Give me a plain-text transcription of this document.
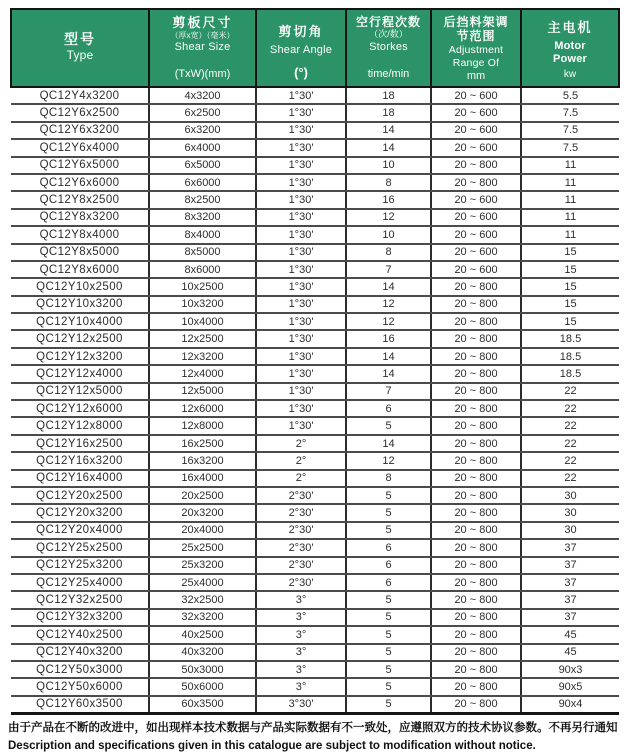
型号
Type

剪板尺寸
（厚x宽）（毫米）
Shear Size
(TxW)(mm)

剪切角
Shear Angle
(°)

空行程次数
（次/数）
Storkes
time/min

后挡料架调
节范围
Adjustment
Range Of
mm

主电机
Motor
Power
kw

QC12Y4x3200	4x3200	1°30'	18	20 ~ 600	5.5
QC12Y6x2500	6x2500	1°30'	18	20 ~ 600	7.5
QC12Y6x3200	6x3200	1°30'	14	20 ~ 600	7.5
QC12Y6x4000	6x4000	1°30'	14	20 ~ 600	7.5
QC12Y6x5000	6x5000	1°30'	10	20 ~ 800	11
QC12Y6x6000	6x6000	1°30'	8	20 ~ 800	11
QC12Y8x2500	8x2500	1°30'	16	20 ~ 600	11
QC12Y8x3200	8x3200	1°30'	12	20 ~ 600	11
QC12Y8x4000	8x4000	1°30'	10	20 ~ 600	11
QC12Y8x5000	8x5000	1°30'	8	20 ~ 600	15
QC12Y8x6000	8x6000	1°30'	7	20 ~ 600	15
QC12Y10x2500	10x2500	1°30'	14	20 ~ 800	15
QC12Y10x3200	10x3200	1°30'	12	20 ~ 800	15
QC12Y10x4000	10x4000	1°30'	12	20 ~ 800	15
QC12Y12x2500	12x2500	1°30'	16	20 ~ 800	18.5
QC12Y12x3200	12x3200	1°30'	14	20 ~ 800	18.5
QC12Y12x4000	12x4000	1°30'	14	20 ~ 800	18.5
QC12Y12x5000	12x5000	1°30'	7	20 ~ 800	22
QC12Y12x6000	12x6000	1°30'	6	20 ~ 800	22
QC12Y12x8000	12x8000	1°30'	5	20 ~ 800	22
QC12Y16x2500	16x2500	2°	14	20 ~ 800	22
QC12Y16x3200	16x3200	2°	12	20 ~ 800	22
QC12Y16x4000	16x4000	2°	8	20 ~ 800	22
QC12Y20x2500	20x2500	2°30'	5	20 ~ 800	30
QC12Y20x3200	20x3200	2°30'	5	20 ~ 800	30
QC12Y20x4000	20x4000	2°30'	5	20 ~ 800	30
QC12Y25x2500	25x2500	2°30'	6	20 ~ 800	37
QC12Y25x3200	25x3200	2°30'	6	20 ~ 800	37
QC12Y25x4000	25x4000	2°30'	6	20 ~ 800	37
QC12Y32x2500	32x2500	3°	5	20 ~ 800	37
QC12Y32x3200	32x3200	3°	5	20 ~ 800	37
QC12Y40x2500	40x2500	3°	5	20 ~ 800	45
QC12Y40x3200	40x3200	3°	5	20 ~ 800	45
QC12Y50x3000	50x3000	3°	5	20 ~ 800	90x3
QC12Y50x6000	50x6000	3°	5	20 ~ 800	90x5
QC12Y60x3500	60x3500	3°30'	5	20 ~ 800	90x4
由于产品在不断的改进中，如出现样本技术数据与产品实际数据有不一致处，应遵照双方的技术协议参数。不再另行通知
Description and specifications given in this catalogue are subject to modification without notice.
